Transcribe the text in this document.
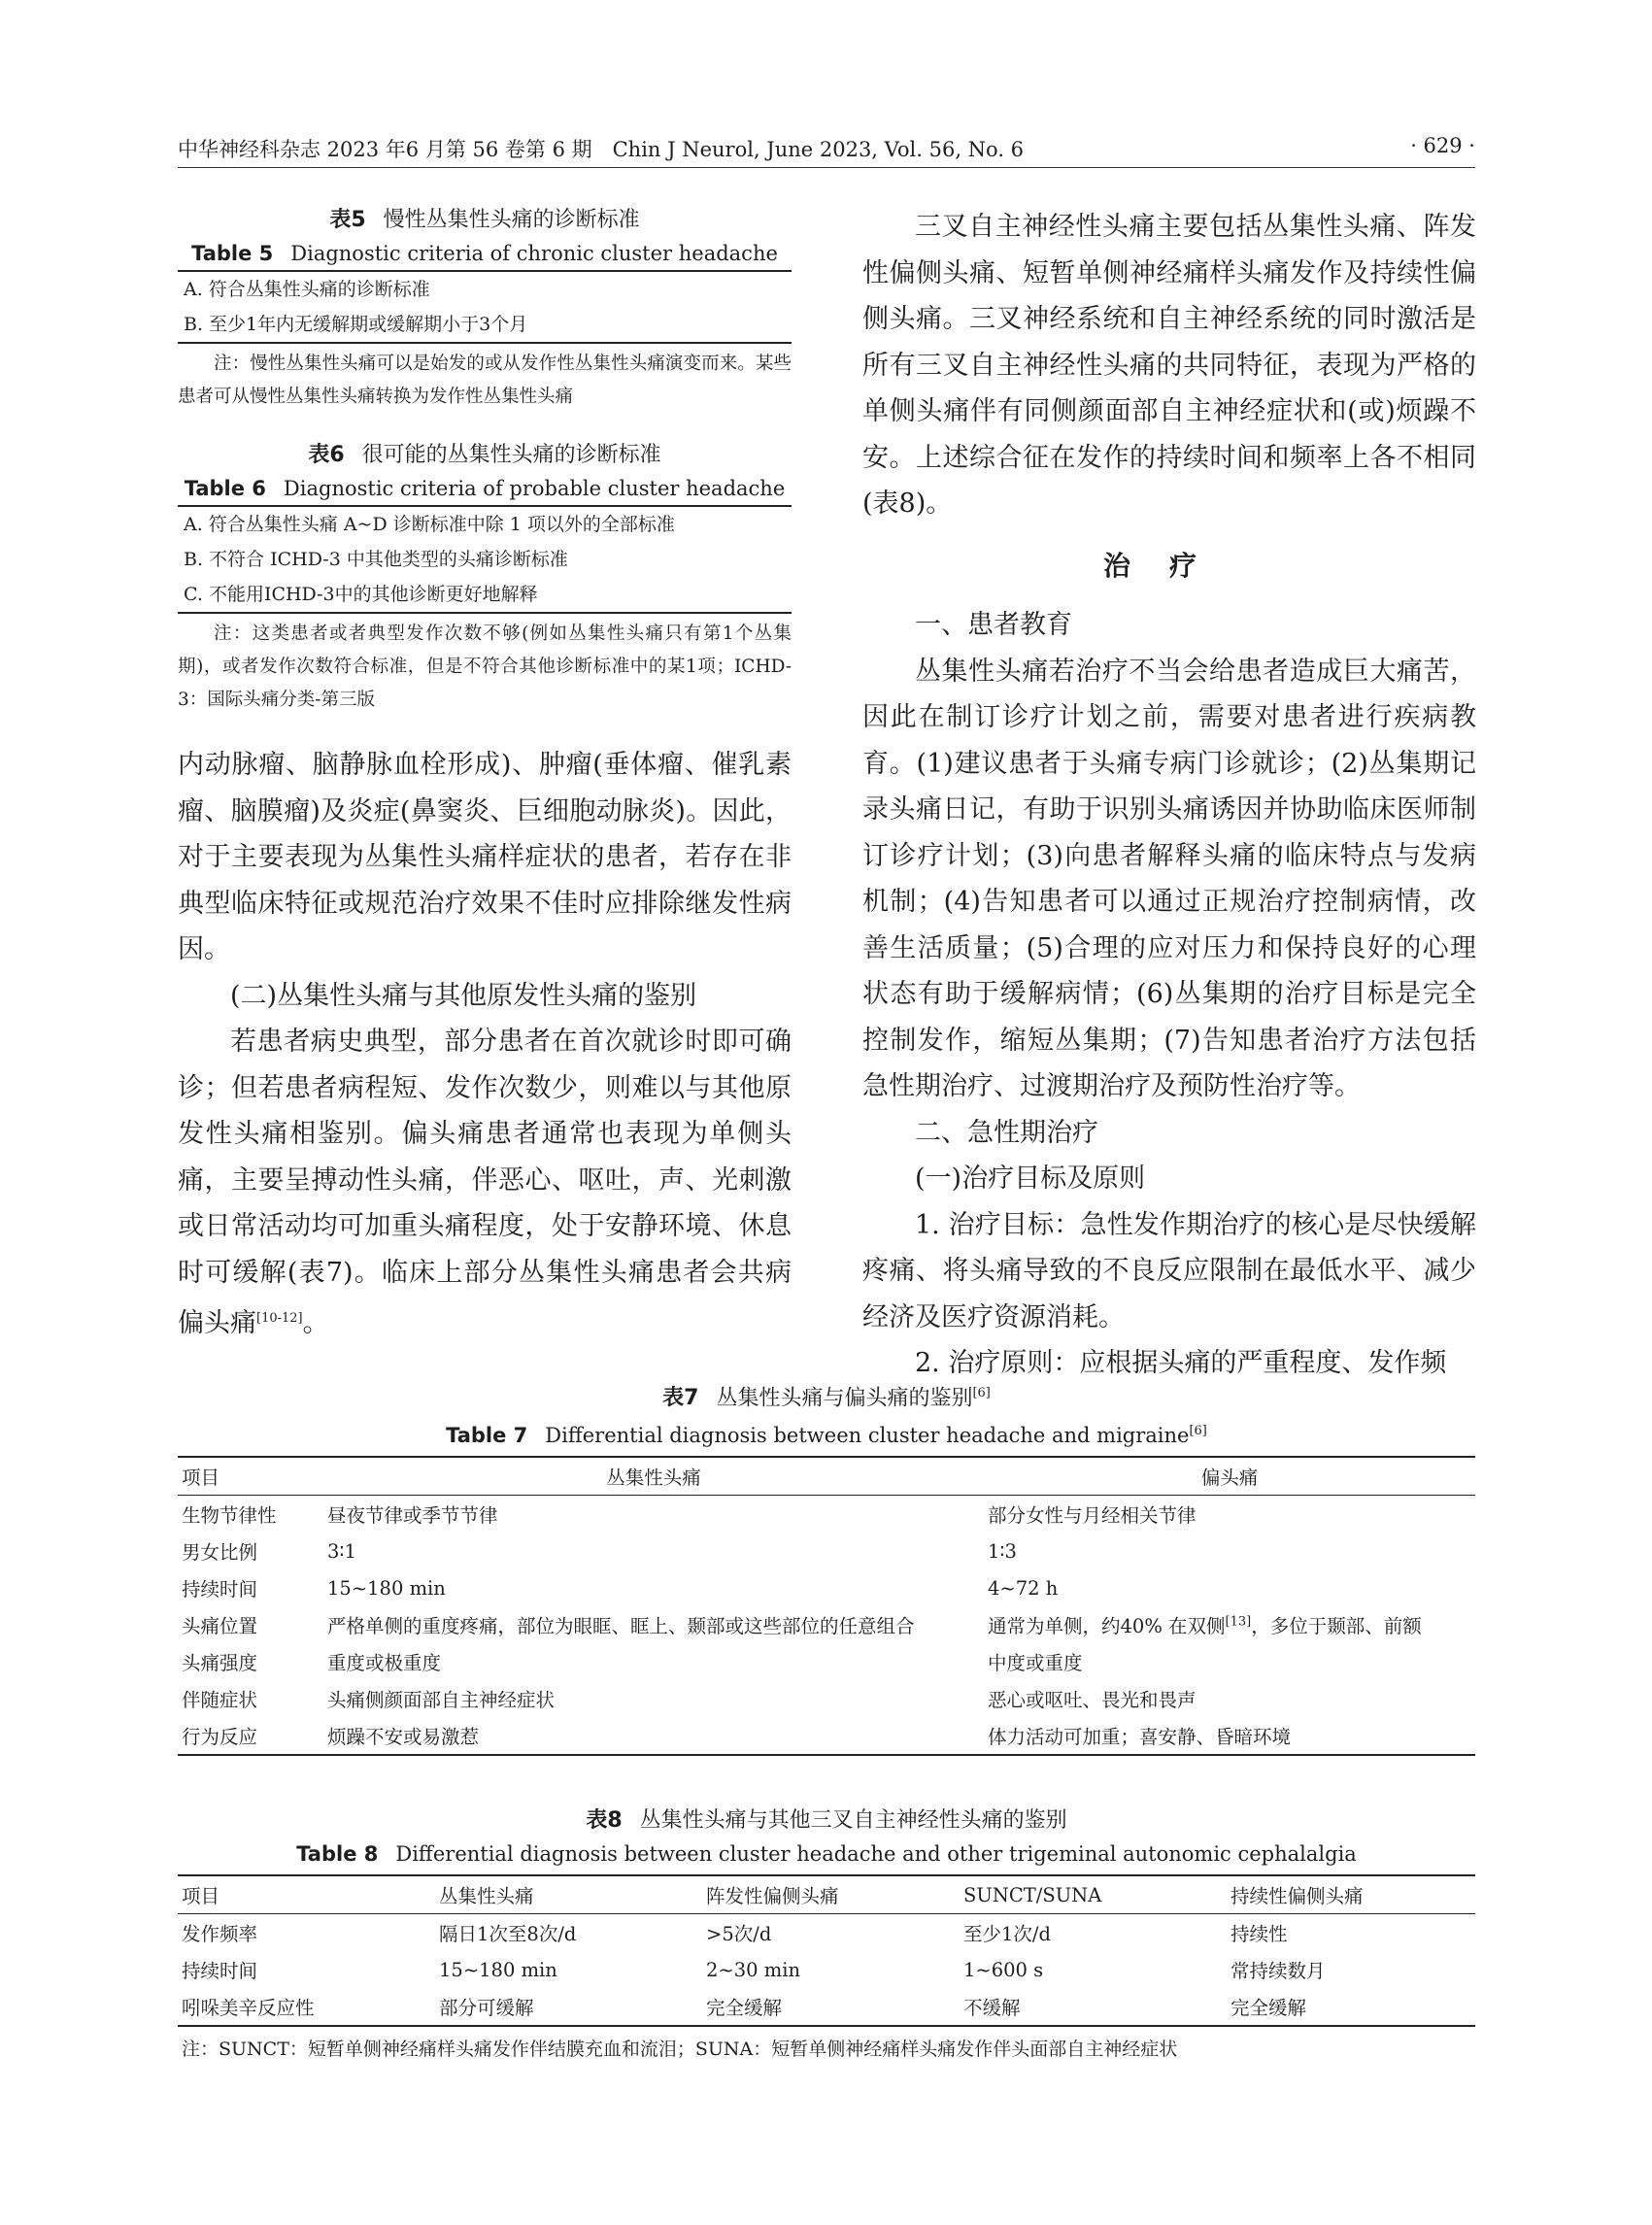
中华神经科杂志 2023 年6 月第 56 卷第 6 期　Chin J Neurol, June 2023, Vol. 56, No. 6	· 629 ·
表5 慢性丛集性头痛的诊断标准
Table 5 Diagnostic criteria of chronic cluster headache
A. 符合丛集性头痛的诊断标准
B. 至少1年内无缓解期或缓解期小于3个月
注：慢性丛集性头痛可以是始发的或从发作性丛集性头痛演变而来。某些患者可从慢性丛集性头痛转换为发作性丛集性头痛
表6 很可能的丛集性头痛的诊断标准
Table 6 Diagnostic criteria of probable cluster headache
A. 符合丛集性头痛 A~D 诊断标准中除 1 项以外的全部标准
B. 不符合 ICHD-3 中其他类型的头痛诊断标准
C. 不能用ICHD-3中的其他诊断更好地解释
注：这类患者或者典型发作次数不够(例如丛集性头痛只有第1个丛集期)，或者发作次数符合标准，但是不符合其他诊断标准中的某1项；ICHD-3：国际头痛分类-第三版

内动脉瘤、脑静脉血栓形成)、肿瘤(垂体瘤、催乳素瘤、脑膜瘤)及炎症(鼻窦炎、巨细胞动脉炎)。因此，对于主要表现为丛集性头痛样症状的患者，若存在非典型临床特征或规范治疗效果不佳时应排除继发性病因。

(二)丛集性头痛与其他原发性头痛的鉴别

若患者病史典型，部分患者在首次就诊时即可确诊；但若患者病程短、发作次数少，则难以与其他原发性头痛相鉴别。偏头痛患者通常也表现为单侧头痛，主要呈搏动性头痛，伴恶心、呕吐，声、光刺激或日常活动均可加重头痛程度，处于安静环境、休息时可缓解(表7)。临床上部分丛集性头痛患者会共病偏头痛[10-12]。

三叉自主神经性头痛主要包括丛集性头痛、阵发性偏侧头痛、短暂单侧神经痛样头痛发作及持续性偏侧头痛。三叉神经系统和自主神经系统的同时激活是所有三叉自主神经性头痛的共同特征，表现为严格的单侧头痛伴有同侧颜面部自主神经症状和(或)烦躁不安。上述综合征在发作的持续时间和频率上各不相同(表8)。

治疗

一、患者教育

丛集性头痛若治疗不当会给患者造成巨大痛苦，因此在制订诊疗计划之前，需要对患者进行疾病教育。(1)建议患者于头痛专病门诊就诊；(2)丛集期记录头痛日记，有助于识别头痛诱因并协助临床医师制订诊疗计划；(3)向患者解释头痛的临床特点与发病机制；(4)告知患者可以通过正规治疗控制病情，改善生活质量；(5)合理的应对压力和保持良好的心理状态有助于缓解病情；(6)丛集期的治疗目标是完全控制发作，缩短丛集期；(7)告知患者治疗方法包括急性期治疗、过渡期治疗及预防性治疗等。

二、急性期治疗

(一)治疗目标及原则

1. 治疗目标：急性发作期治疗的核心是尽快缓解疼痛、将头痛导致的不良反应限制在最低水平、减少经济及医疗资源消耗。

2. 治疗原则：应根据头痛的严重程度、发作频

表7 丛集性头痛与偏头痛的鉴别[6]
Table 7 Differential diagnosis between cluster headache and migraine[6]
项目	丛集性头痛	偏头痛
生物节律性	昼夜节律或季节节律	部分女性与月经相关节律
男女比例	3∶1	1∶3
持续时间	15~180 min	4~72 h
头痛位置	严格单侧的重度疼痛，部位为眼眶、眶上、颞部或这些部位的任意组合	通常为单侧，约40% 在双侧[13]，多位于颞部、前额
头痛强度	重度或极重度	中度或重度
伴随症状	头痛侧颜面部自主神经症状	恶心或呕吐、畏光和畏声
行为反应	烦躁不安或易激惹	体力活动可加重；喜安静、昏暗环境
表8 丛集性头痛与其他三叉自主神经性头痛的鉴别
Table 8 Differential diagnosis between cluster headache and other trigeminal autonomic cephalalgia
项目	丛集性头痛	阵发性偏侧头痛	SUNCT/SUNA	持续性偏侧头痛
发作频率	隔日1次至8次/d	>5次/d	至少1次/d	持续性
持续时间	15~180 min	2~30 min	1~600 s	常持续数月
吲哚美辛反应性	部分可缓解	完全缓解	不缓解	完全缓解
注：SUNCT：短暂单侧神经痛样头痛发作伴结膜充血和流泪；SUNA：短暂单侧神经痛样头痛发作伴头面部自主神经症状
